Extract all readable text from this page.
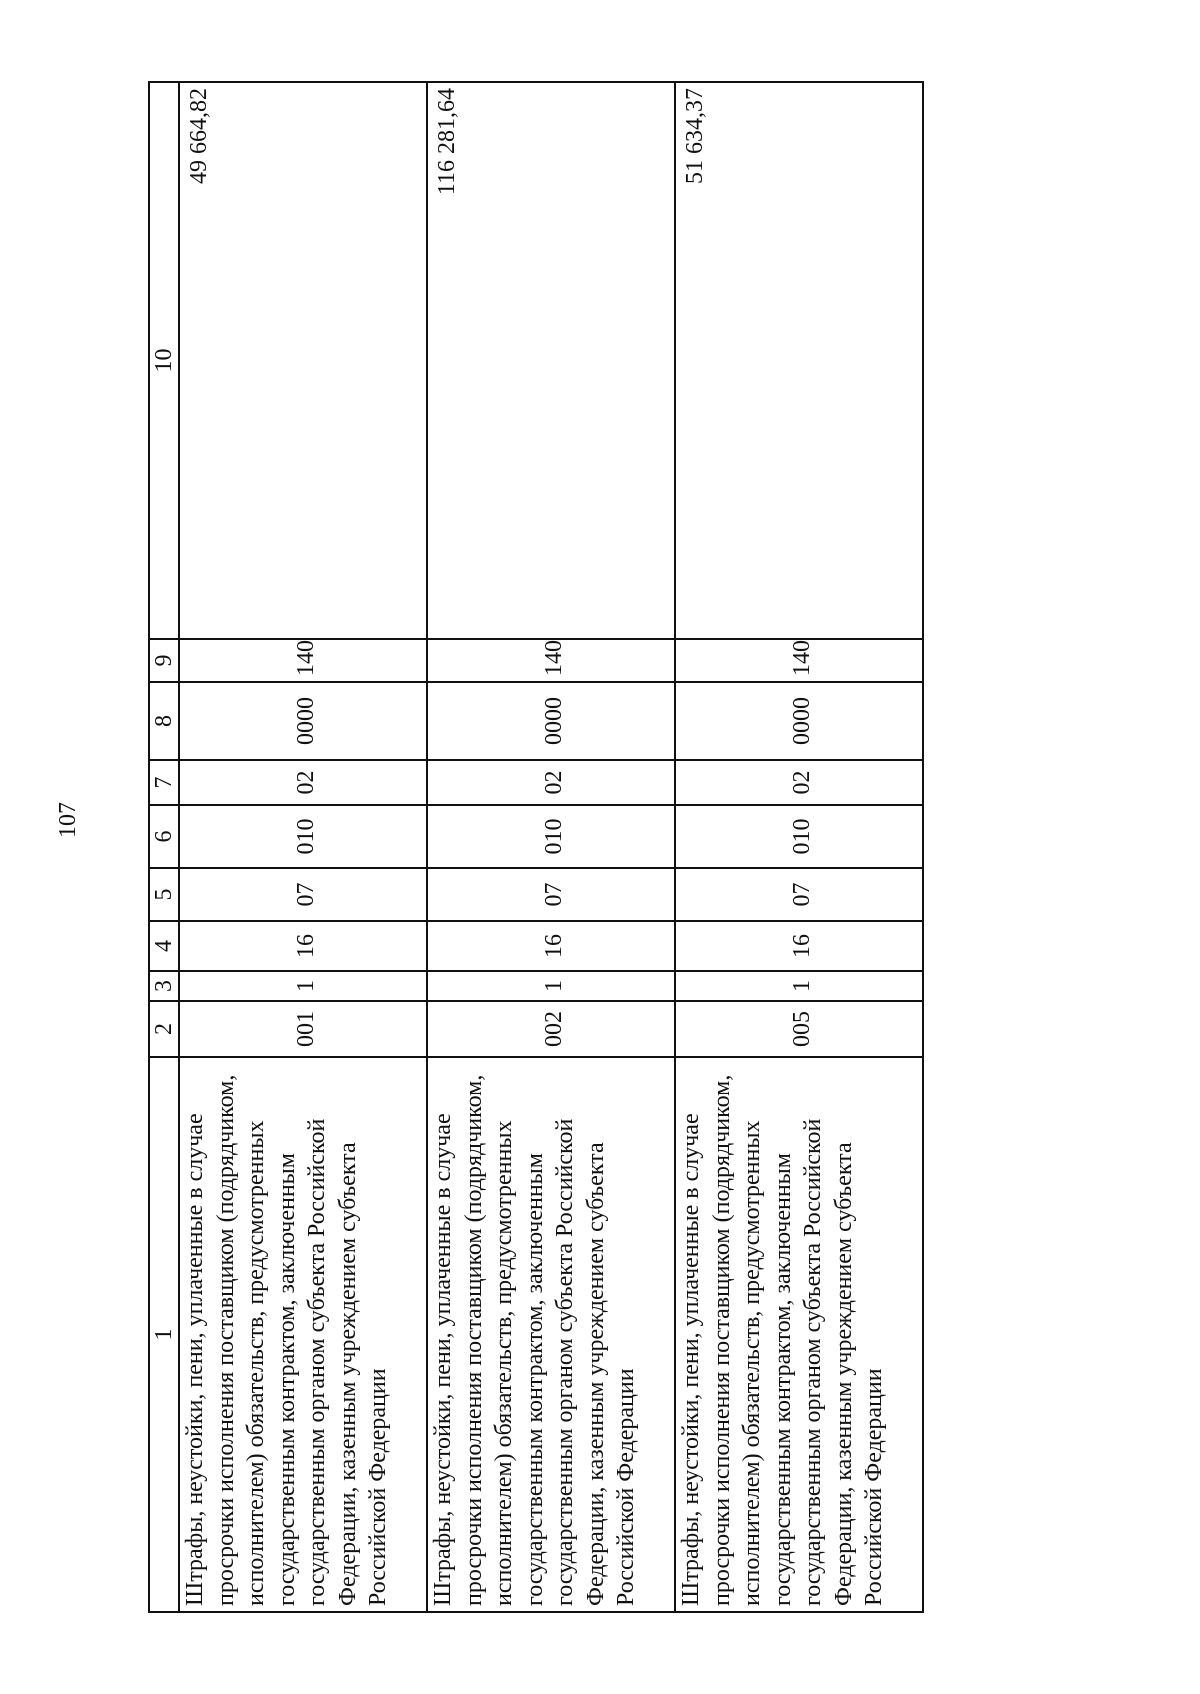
107
1	2	3	4	5	6	7	8	9	10
Штрафы, неустойки, пени, уплаченные в случае просрочки исполнения поставщиком (подрядчиком, исполнителем) обязательств, предусмотренных государственным контрактом, заключенным государственным органом субъекта Российской Федерации, казенным учреждением субъекта Российской Федерации	001	1	16	07	010	02	0000	140	49 664,82

Штрафы, неустойки, пени, уплаченные в случае просрочки исполнения поставщиком (подрядчиком, исполнителем) обязательств, предусмотренных государственным контрактом, заключенным государственным органом субъекта Российской Федерации, казенным учреждением субъекта Российской Федерации	002	1	16	07	010	02	0000	140	116 281,64

Штрафы, неустойки, пени, уплаченные в случае просрочки исполнения поставщиком (подрядчиком, исполнителем) обязательств, предусмотренных государственным контрактом, заключенным государственным органом субъекта Российской Федерации, казенным учреждением субъекта Российской Федерации	005	1	16	07	010	02	0000	140	51 634,37
